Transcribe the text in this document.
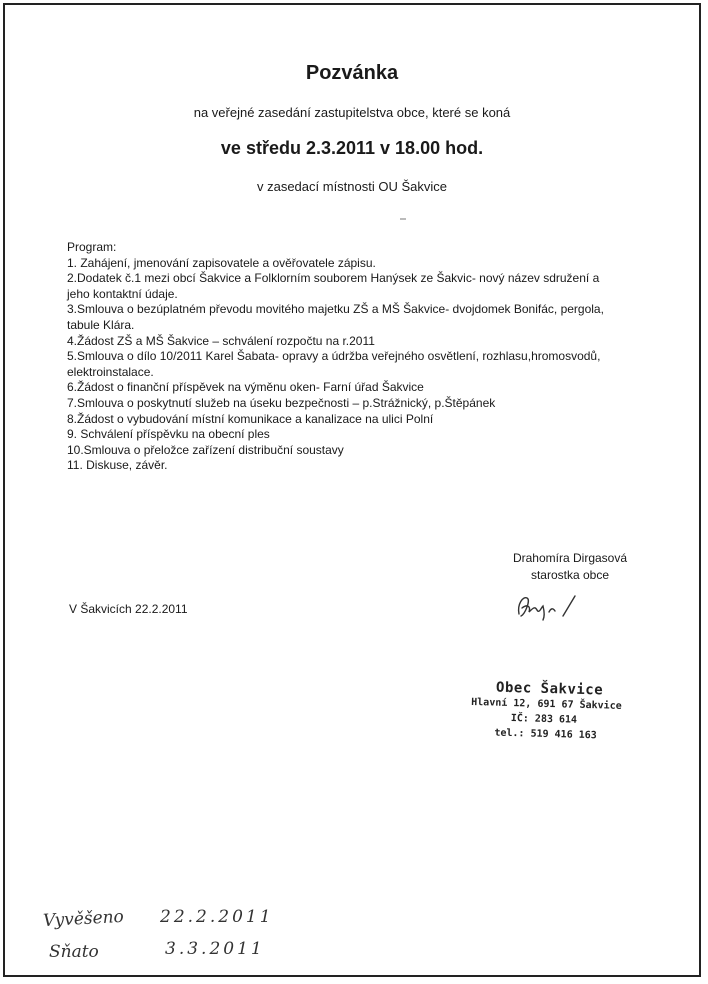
Pozvánka
na veřejné zasedání zastupitelstva obce, které se koná
ve středu 2.3.2011 v 18.00 hod.
v zasedací místnosti OU Šakvice
Program:
1. Zahájení, jmenování zapisovatele a ověřovatele zápisu.
2.Dodatek č.1 mezi obcí Šakvice a Folklorním souborem Hanýsek ze Šakvic- nový název sdružení a
jeho kontaktní údaje.
3.Smlouva o bezúplatném převodu movitého majetku ZŠ a MŠ Šakvice- dvojdomek Bonifác, pergola,
tabule Klára.
4.Žádost ZŠ a MŠ Šakvice – schválení rozpočtu na r.2011
5.Smlouva o dílo 10/2011 Karel Šabata- opravy a údržba veřejného osvětlení, rozhlasu,hromosvodů,
elektroinstalace.
6.Žádost o finanční příspěvek na výměnu oken- Farní úřad Šakvice
7.Smlouva o poskytnutí služeb na úseku bezpečnosti – p.Strážnický, p.Štěpánek
8.Žádost o vybudování místní komunikace a kanalizace na ulici Polní
9. Schválení příspěvku na obecní ples
10.Smlouva o přeložce zařízení distribuční soustavy
11. Diskuse, závěr.
Drahomíra Dirgasová
starostka obce
V Šakvicích 22.2.2011
Obec Šakvice
Hlavní 12, 691 67 Šakvice
IČ: 283 614
tel.: 519 416 163
Vyvěšeno 22.2.2011
Sňato	3.3.2011
